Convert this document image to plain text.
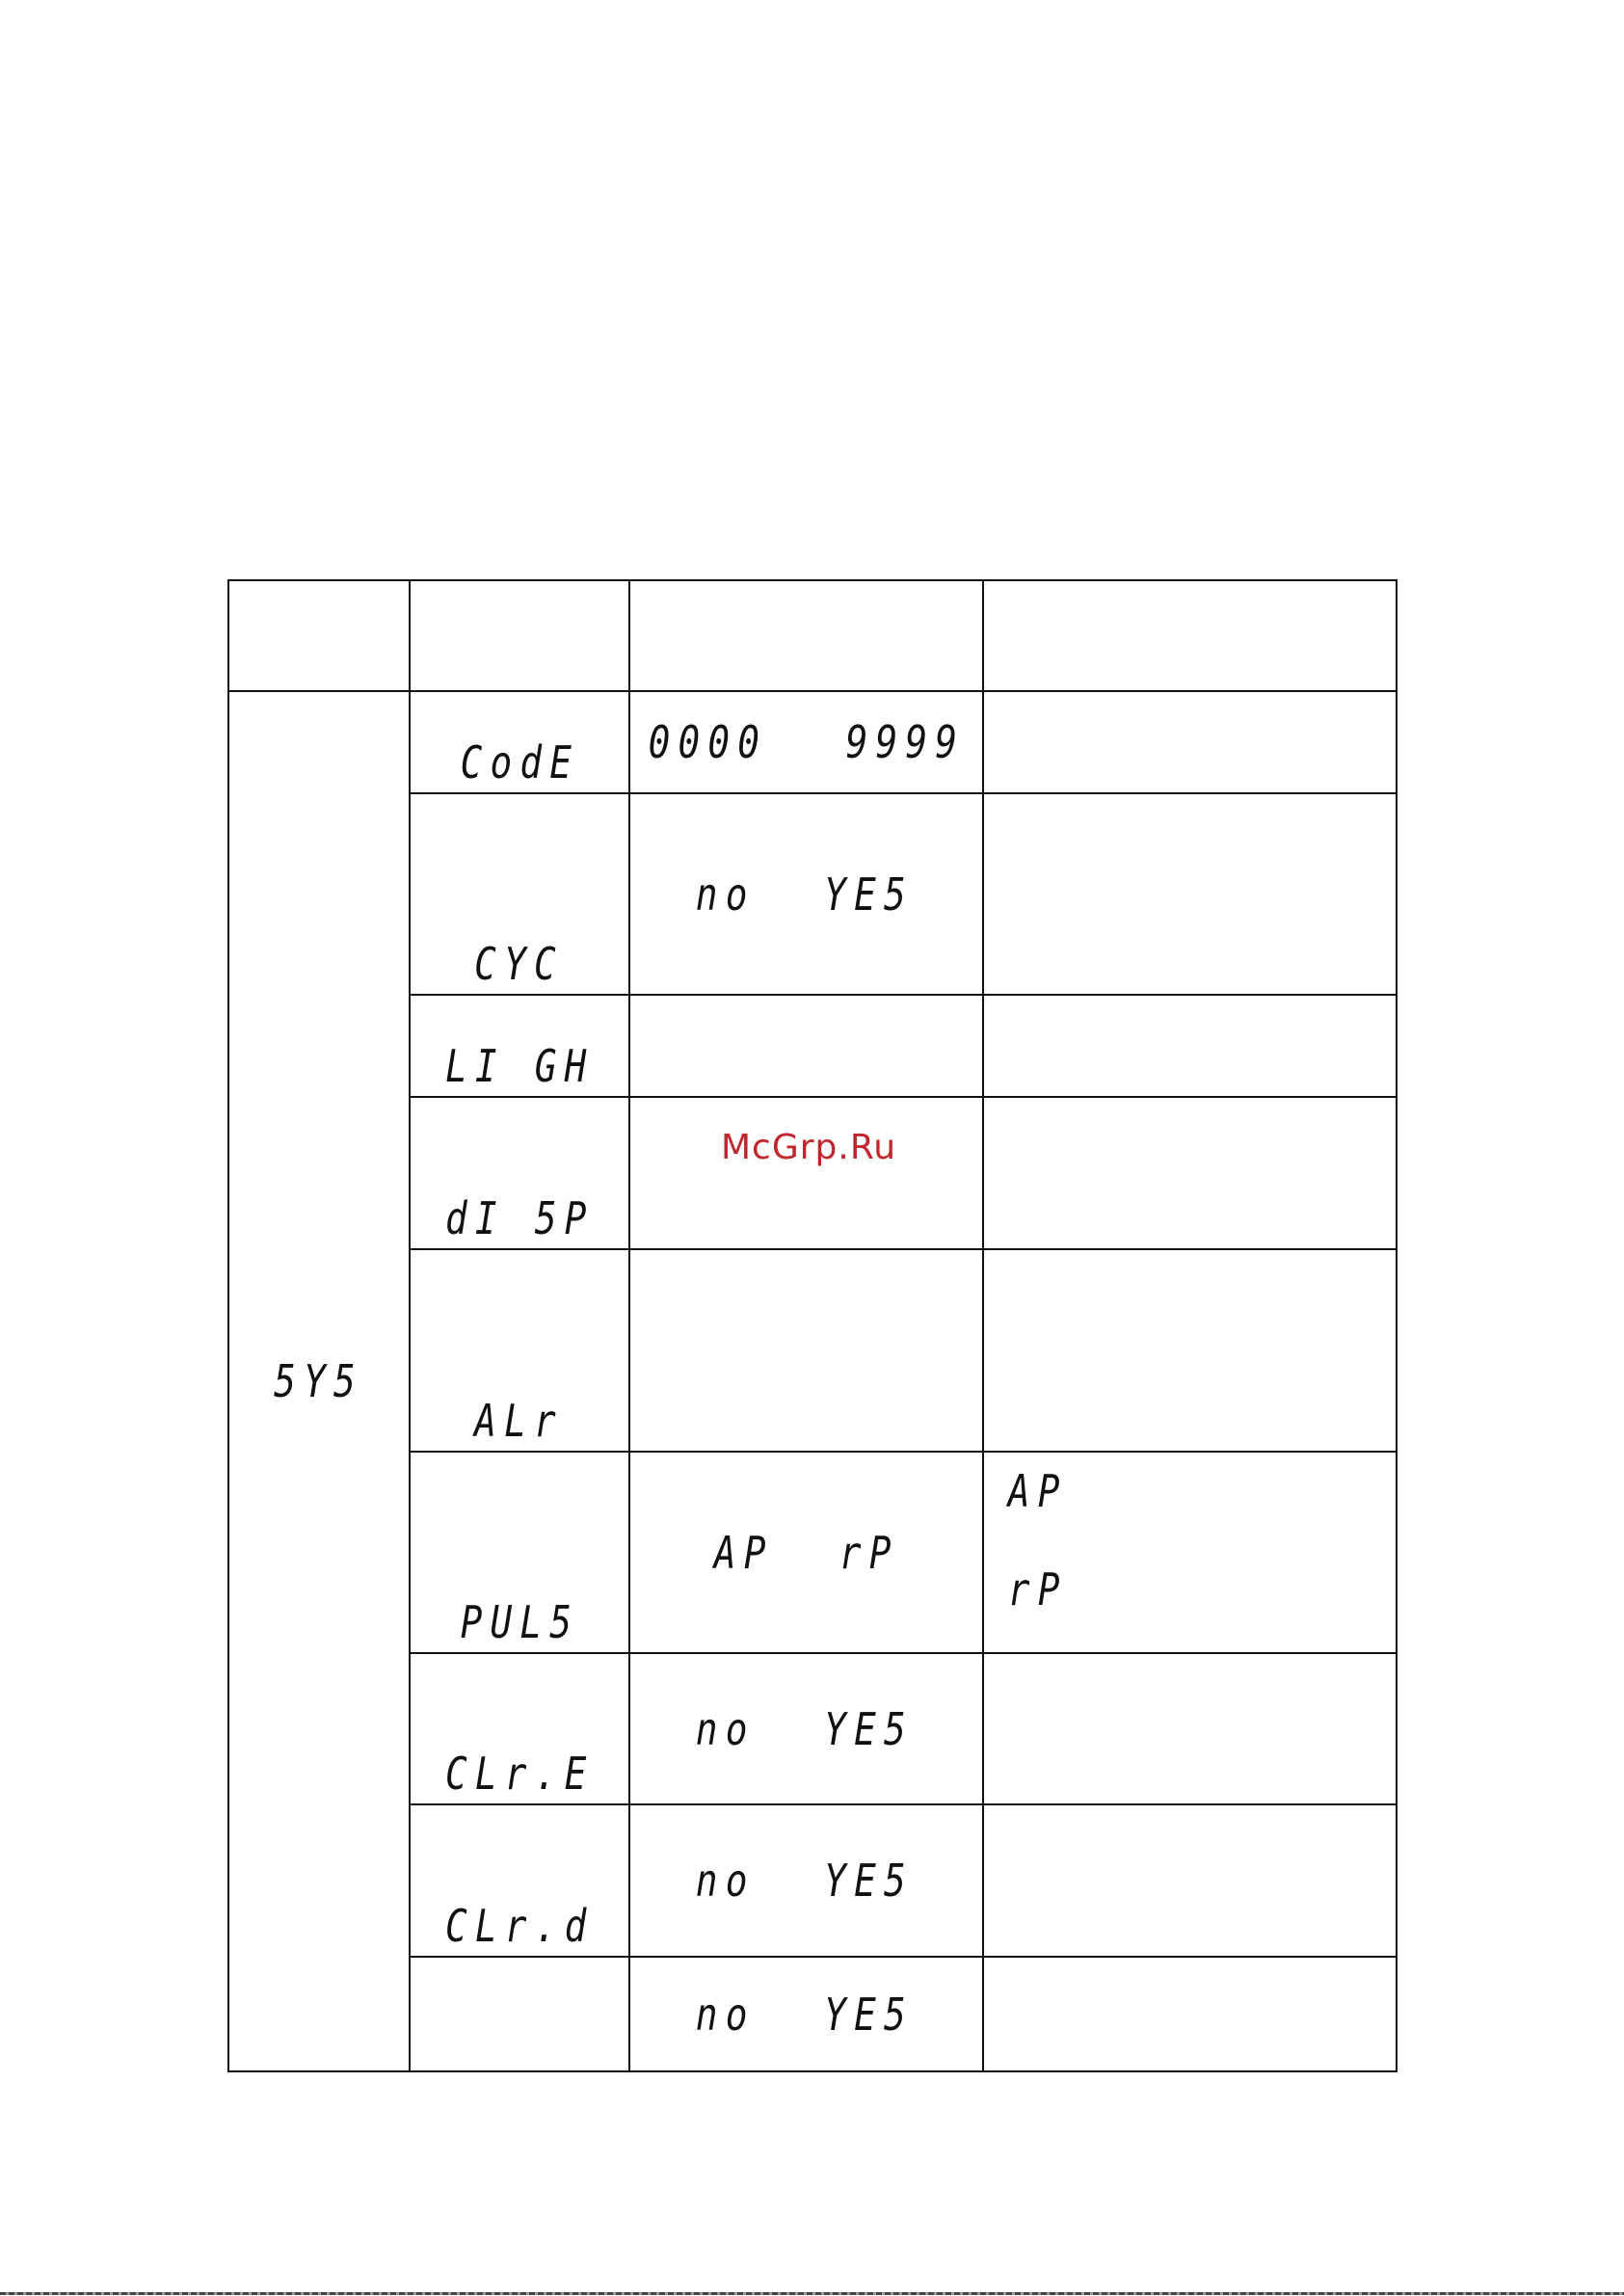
5Y5	CodE	0000 9999	
	CYC	no YE5	
	LI GH		
	dI 5P		
	ALr		
	PUL5	AP rP	AP
rP

	CLr.E	no YE5	
	CLr.d	no YE5	
		no YE5	
McGrp.Ru
